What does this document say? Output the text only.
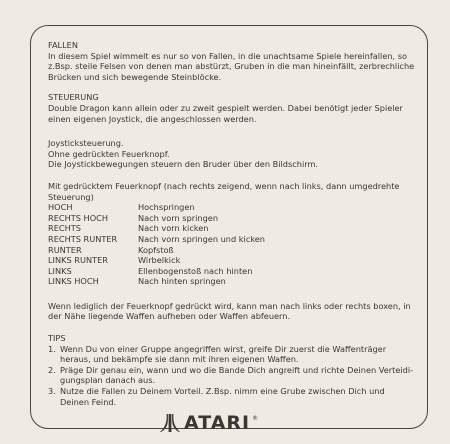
FALLEN

In diesem Spiel wimmelt es nur so von Fallen, in die unachtsame Spiele hereinfallen, so

z.Bsp. steile Felsen von denen man abstürzt, Gruben in die man hineinfällt, zerbrechliche

Brücken und sich bewegende Steinblöcke.

STEUERUNG

Double Dragon kann allein oder zu zweit gespielt werden. Dabei benötigt jeder Spieler

einen eigenen Joystick, die angeschlossen werden.

Joysticksteuerung.

Ohne gedrückten Feuerknopf.

Die Joystickbewegungen steuern den Bruder über den Bildschirm.

Mit gedrücktem Feuerknopf (nach rechts zeigend, wenn nach links, dann umgedrehte

Steuerung)

HOCH	Hochspringen
RECHTS HOCH	Nach vorn springen
RECHTS	Nach vorn kicken
RECHTS RUNTER	Nach vorn springen und kicken
RUNTER	Kopfstoß
LINKS RUNTER	Wirbelkick
LINKS	Ellenbogenstoß nach hinten
LINKS HOCH	Nach hinten springen

Wenn lediglich der Feuerknopf gedrückt wird, kann man nach links oder rechts boxen, in

der Nähe liegende Waffen aufheben oder Waffen abfeuern.

TIPS

1. Wenn Du von einer Gruppe angegriffen wirst, greife Dir zuerst die Waffenträger

heraus, und bekämpfe sie dann mit ihren eigenen Waffen.

2. Präge Dir genau ein, wann und wo die Bande Dich angreift und richte Deinen Verteidi-

gungsplan danach aus.

3. Nutze die Fallen zu Deinem Vorteil. Z.Bsp. nimm eine Grube zwischen Dich und

Deinen Feind.

ATARI ®
